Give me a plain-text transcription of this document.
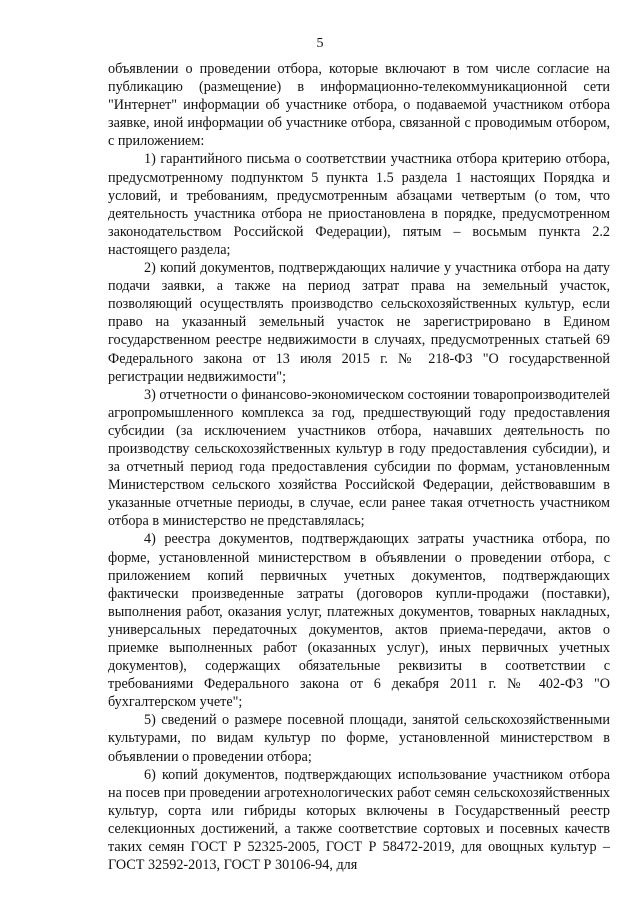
5

объявлении о проведении отбора, которые включают в том числе согласие на публикацию (размещение) в информационно-телекоммуникационной сети "Интернет" информации об участнике отбора, о подаваемой участником отбора заявке, иной информации об участнике отбора, связанной с проводимым отбором, с приложением:

1) гарантийного письма о соответствии участника отбора критерию отбора, предусмотренному подпунктом 5 пункта 1.5 раздела 1 настоящих Порядка и условий, и требованиям, предусмотренным абзацами четвертым (о том, что деятельность участника отбора не приостановлена в порядке, предусмотренном законодательством Российской Федерации), пятым – восьмым пункта 2.2 настоящего раздела;

2) копий документов, подтверждающих наличие у участника отбора на дату подачи заявки, а также на период затрат права на земельный участок, позволяющий осуществлять производство сельскохозяйственных культур, если право на указанный земельный участок не зарегистрировано в Едином государственном реестре недвижимости в случаях, предусмотренных статьей 69 Федерального закона от 13 июля 2015 г. № 218-ФЗ "О государственной регистрации недвижимости";

3) отчетности о финансово-экономическом состоянии товаропроизводителей агропромышленного комплекса за год, предшествующий году предоставления субсидии (за исключением участников отбора, начавших деятельность по производству сельскохозяйственных культур в году предоставления субсидии), и за отчетный период года предоставления субсидии по формам, установленным Министерством сельского хозяйства Российской Федерации, действовавшим в указанные отчетные периоды, в случае, если ранее такая отчетность участником отбора в министерство не представлялась;

4) реестра документов, подтверждающих затраты участника отбора, по форме, установленной министерством в объявлении о проведении отбора, с приложением копий первичных учетных документов, подтверждающих фактически произведенные затраты (договоров купли-продажи (поставки), выполнения работ, оказания услуг, платежных документов, товарных накладных, универсальных передаточных документов, актов приема-передачи, актов о приемке выполненных работ (оказанных услуг), иных первичных учетных документов), содержащих обязательные реквизиты в соответствии с требованиями Федерального закона от 6 декабря 2011 г. № 402-ФЗ "О бухгалтерском учете";

5) сведений о размере посевной площади, занятой сельскохозяйственными культурами, по видам культур по форме, установленной министерством в объявлении о проведении отбора;

6) копий документов, подтверждающих использование участником отбора на посев при проведении агротехнологических работ семян сельскохозяйственных культур, сорта или гибриды которых включены в Государственный реестр селекционных достижений, а также соответствие сортовых и посевных качеств таких семян ГОСТ Р 52325-2005, ГОСТ Р 58472-2019, для овощных культур – ГОСТ 32592-2013, ГОСТ Р 30106-94, для
